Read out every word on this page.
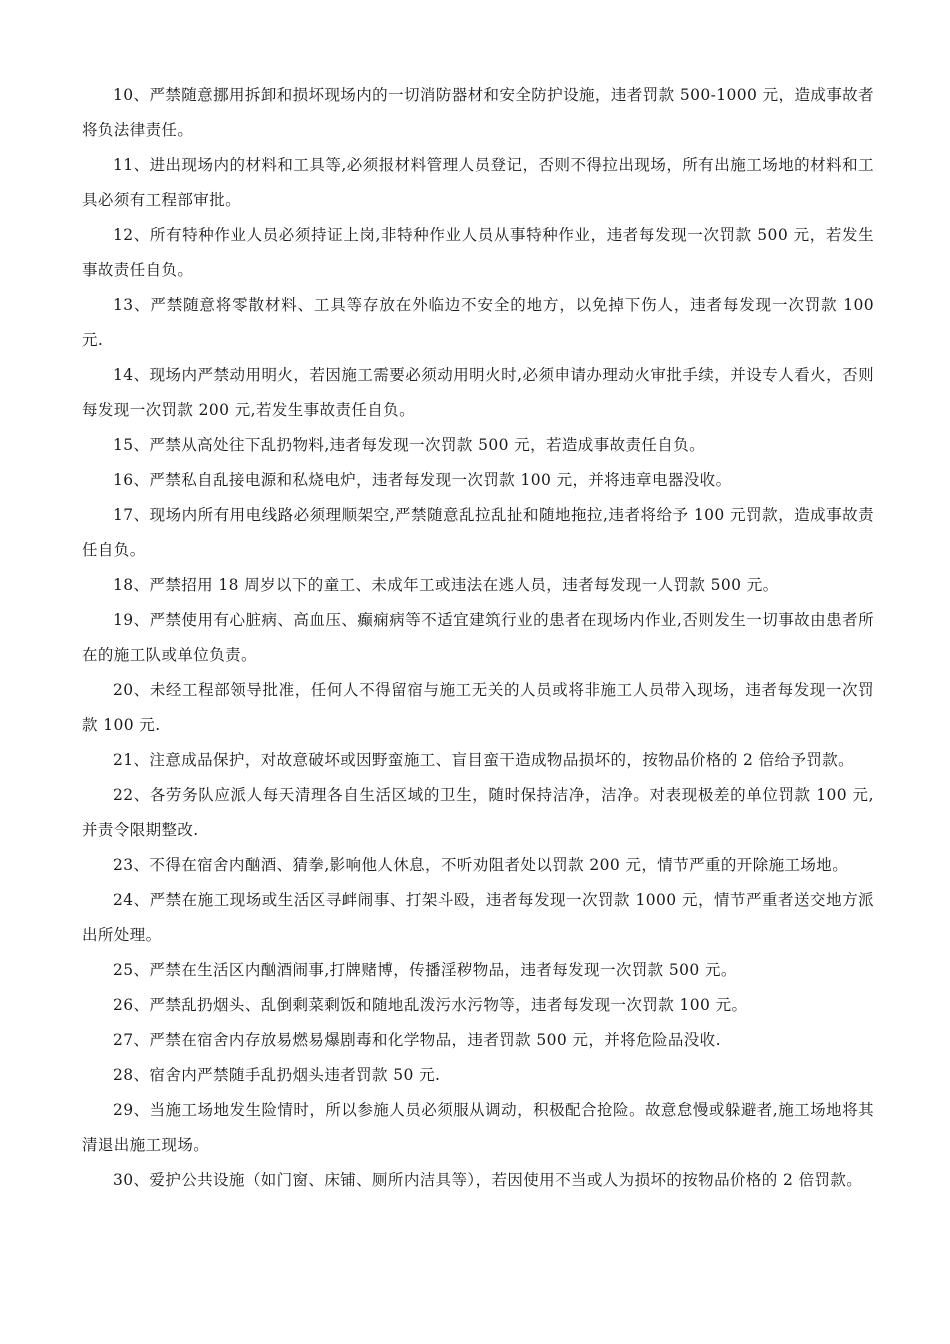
10、严禁随意挪用拆卸和损坏现场内的一切消防器材和安全防护设施，违者罚款 500-1000 元，造成事故者将负法律责任。

11、进出现场内的材料和工具等,必须报材料管理人员登记，否则不得拉出现场，所有出施工场地的材料和工具必须有工程部审批。

12、所有特种作业人员必须持证上岗,非特种作业人员从事特种作业，违者每发现一次罚款 500 元，若发生事故责任自负。

13、严禁随意将零散材料、工具等存放在外临边不安全的地方，以免掉下伤人，违者每发现一次罚款 100 元.

14、现场内严禁动用明火，若因施工需要必须动用明火时,必须申请办理动火审批手续，并设专人看火，否则每发现一次罚款 200 元,若发生事故责任自负。

15、严禁从高处往下乱扔物料,违者每发现一次罚款 500 元，若造成事故责任自负。

16、严禁私自乱接电源和私烧电炉，违者每发现一次罚款 100 元，并将违章电器没收。

17、现场内所有用电线路必须理顺架空,严禁随意乱拉乱扯和随地拖拉,违者将给予 100 元罚款，造成事故责任自负。

18、严禁招用 18 周岁以下的童工、未成年工或违法在逃人员，违者每发现一人罚款 500 元。

19、严禁使用有心脏病、高血压、癫痫病等不适宜建筑行业的患者在现场内作业,否则发生一切事故由患者所在的施工队或单位负责。

20、未经工程部领导批准，任何人不得留宿与施工无关的人员或将非施工人员带入现场，违者每发现一次罚款 100 元.

21、注意成品保护，对故意破坏或因野蛮施工、盲目蛮干造成物品损坏的，按物品价格的 2 倍给予罚款。

22、各劳务队应派人每天清理各自生活区域的卫生，随时保持洁净，洁净。对表现极差的单位罚款 100 元,并责令限期整改.

23、不得在宿舍内酗酒、猜拳,影响他人休息，不听劝阻者处以罚款 200 元，情节严重的开除施工场地。

24、严禁在施工现场或生活区寻衅闹事、打架斗殴，违者每发现一次罚款 1000 元，情节严重者送交地方派出所处理。

25、严禁在生活区内酗酒闹事,打牌赌博，传播淫秽物品，违者每发现一次罚款 500 元。

26、严禁乱扔烟头、乱倒剩菜剩饭和随地乱泼污水污物等，违者每发现一次罚款 100 元。

27、严禁在宿舍内存放易燃易爆剧毒和化学物品，违者罚款 500 元，并将危险品没收.

28、宿舍内严禁随手乱扔烟头违者罚款 50 元.

29、当施工场地发生险情时，所以参施人员必须服从调动，积极配合抢险。故意怠慢或躲避者,施工场地将其清退出施工现场。

30、爱护公共设施（如门窗、床铺、厕所内洁具等），若因使用不当或人为损坏的按物品价格的 2 倍罚款。
